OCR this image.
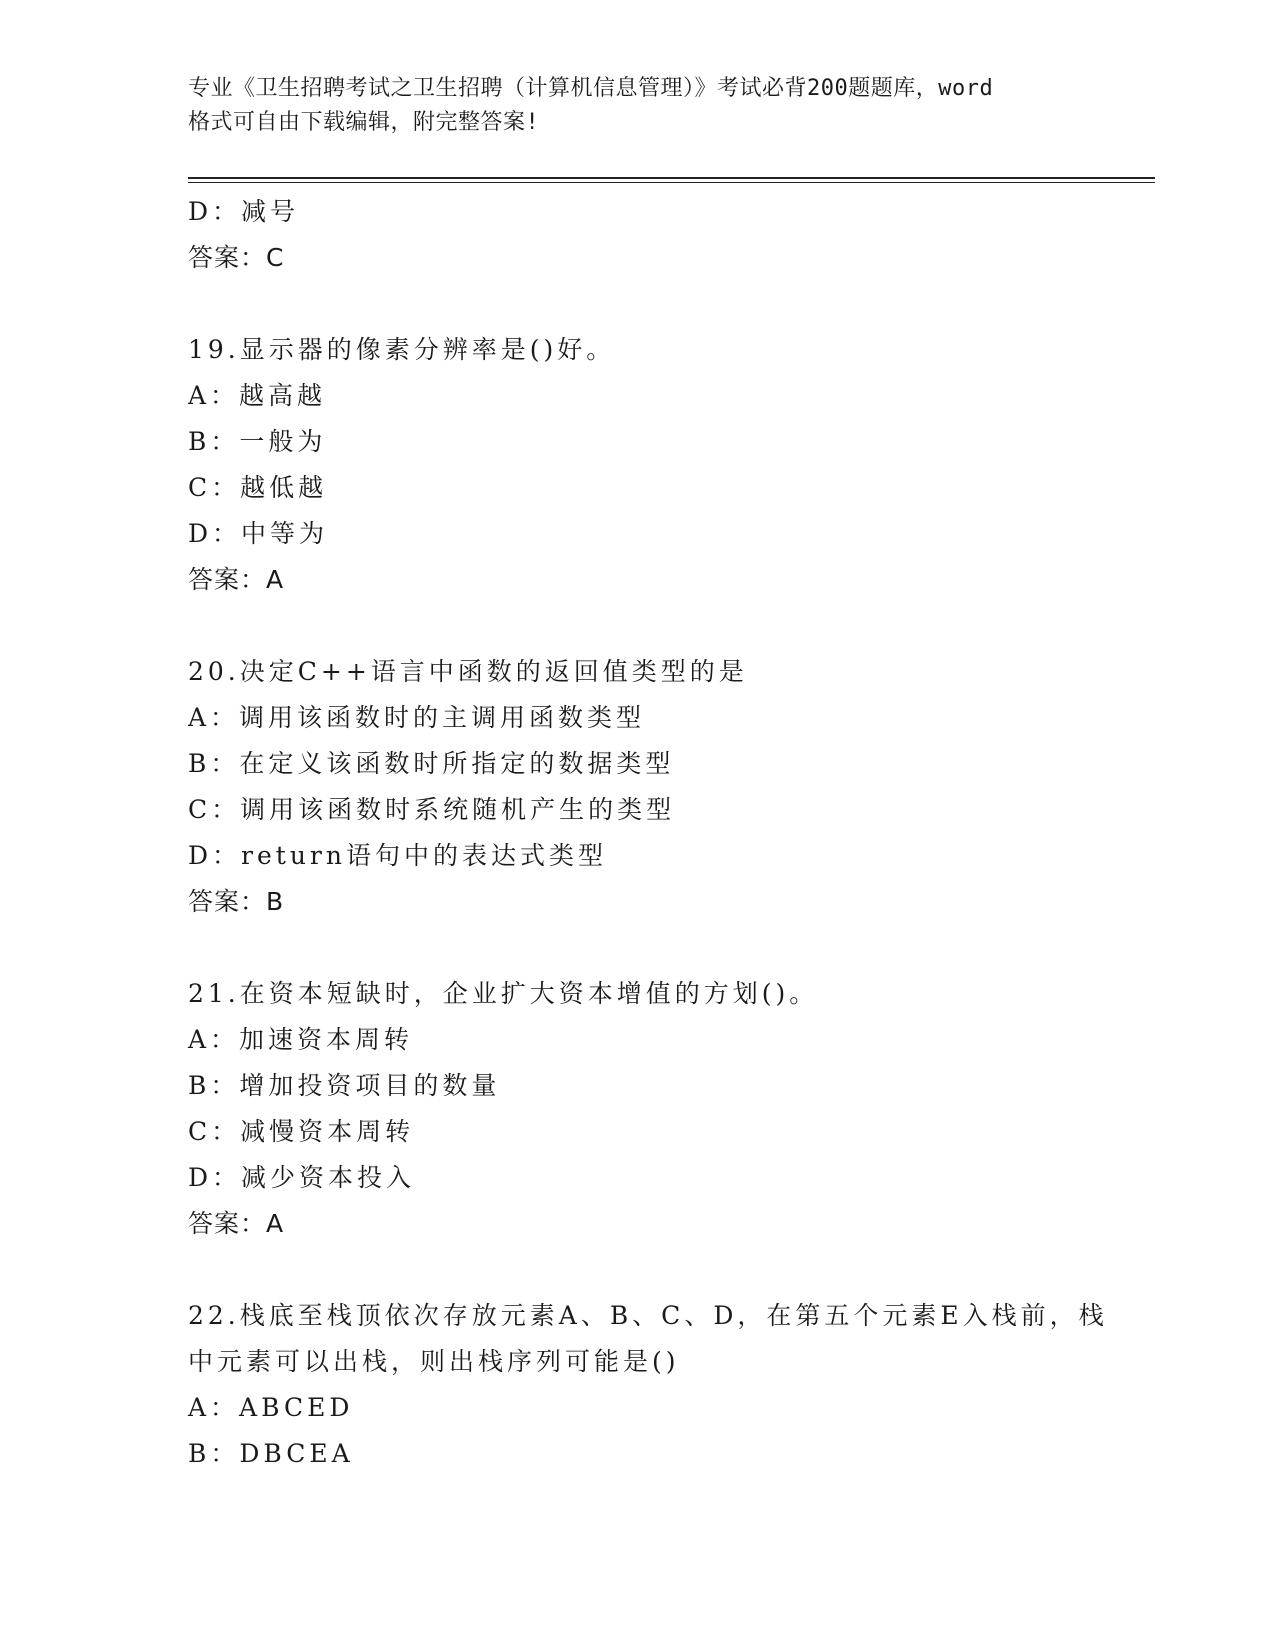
专业《卫生招聘考试之卫生招聘（计算机信息管理）》考试必背200题题库，word
格式可自由下载编辑，附完整答案!
D：减号
答案：C
19.显示器的像素分辨率是()好。
A：越高越
B：一般为
C：越低越
D：中等为
答案：A
20.决定C++语言中函数的返回值类型的是
A：调用该函数时的主调用函数类型
B：在定义该函数时所指定的数据类型
C：调用该函数时系统随机产生的类型
D：return语句中的表达式类型
答案：B
21.在资本短缺时，企业扩大资本增值的方划()。
A：加速资本周转
B：增加投资项目的数量
C：减慢资本周转
D：减少资本投入
答案：A
22.栈底至栈顶依次存放元素A、B、C、D，在第五个元素E入栈前，栈
中元素可以出栈，则出栈序列可能是()
A：ABCED
B：DBCEA
